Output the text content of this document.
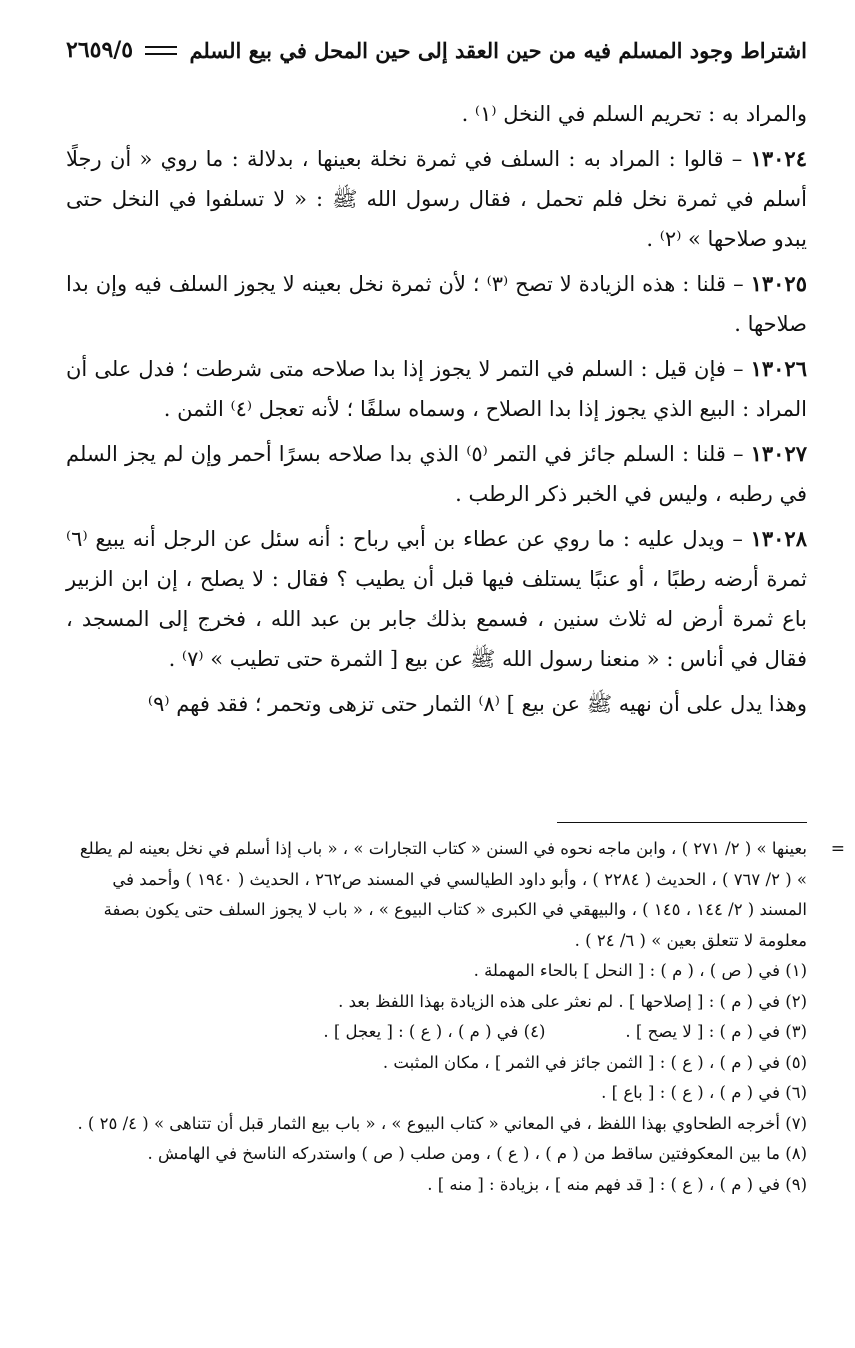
اشتراط وجود المسلم فيه من حين العقد إلى حين المحل في بيع السلم
٢٦٥٩/٥

والمراد به : تحريم السلم في النخل ⁽١⁾ .

١٣٠٢٤ – قالوا : المراد به : السلف في ثمرة نخلة بعينها ، بدلالة : ما روي « أن رجلًا أسلم في ثمرة نخل فلم تحمل ، فقال رسول الله ﷺ : « لا تسلفوا في النخل حتى يبدو صلاحها » ⁽٢⁾ .

١٣٠٢٥ – قلنا : هذه الزيادة لا تصح ⁽٣⁾ ؛ لأن ثمرة نخل بعينه لا يجوز السلف فيه وإن بدا صلاحها .

١٣٠٢٦ – فإن قيل : السلم في التمر لا يجوز إذا بدا صلاحه متى شرطت ؛ فدل على أن المراد : البيع الذي يجوز إذا بدا الصلاح ، وسماه سلفًا ؛ لأنه تعجل ⁽٤⁾ الثمن .

١٣٠٢٧ – قلنا : السلم جائز في التمر ⁽٥⁾ الذي بدا صلاحه بسرًا أحمر وإن لم يجز السلم في رطبه ، وليس في الخبر ذكر الرطب .

١٣٠٢٨ – ويدل عليه : ما روي عن عطاء بن أبي رباح : أنه سئل عن الرجل أنه يبيع ⁽٦⁾ ثمرة أرضه رطبًا ، أو عنبًا يستلف فيها قبل أن يطيب ؟ فقال : لا يصلح ، إن ابن الزبير باع ثمرة أرض له ثلاث سنين ، فسمع بذلك جابر بن عبد الله ، فخرج إلى المسجد ، فقال في أناس : « منعنا رسول الله ﷺ عن بيع [ الثمرة حتى تطيب » ⁽٧⁾ .

وهذا يدل على أن نهيه ﷺ عن بيع ] ⁽٨⁾ الثمار حتى تزهى وتحمر ؛ فقد فهم ⁽٩⁾

=
بعينها » ( ٢/ ٢٧١ ) ، وابن ماجه نحوه في السنن « كتاب التجارات » ، « باب إذا أسلم في نخل بعينه لم يطلع » ( ٢/ ٧٦٧ ) ، الحديث ( ٢٢٨٤ ) ، وأبو داود الطيالسي في المسند ص٢٦٢ ، الحديث ( ١٩٤٠ ) وأحمد في المسند ( ٢/ ١٤٤ ، ١٤٥ ) ، والبيهقي في الكبرى « كتاب البيوع » ، « باب لا يجوز السلف حتى يكون بصفة معلومة لا تتعلق بعين » ( ٦/ ٢٤ ) .

(١) في ( ص ) ، ( م ) : [ النحل ] بالحاء المهملة .

(٢) في ( م ) : [ إصلاحها ] . لم نعثر على هذه الزيادة بهذا اللفظ بعد .

(٣) في ( م ) : [ لا يصح ] .
(٤) في ( م ) ، ( ع ) : [ يعجل ] .

(٥) في ( م ) ، ( ع ) : [ الثمن جائز في الثمر ] ، مكان المثبت .

(٦) في ( م ) ، ( ع ) : [ باع ] .

(٧) أخرجه الطحاوي بهذا اللفظ ، في المعاني « كتاب البيوع » ، « باب بيع الثمار قبل أن تتناهى » ( ٤/ ٢٥ ) .

(٨) ما بين المعكوفتين ساقط من ( م ) ، ( ع ) ، ومن صلب ( ص ) واستدركه الناسخ في الهامش .

(٩) في ( م ) ، ( ع ) : [ قد فهم منه ] ، بزيادة : [ منه ] .
